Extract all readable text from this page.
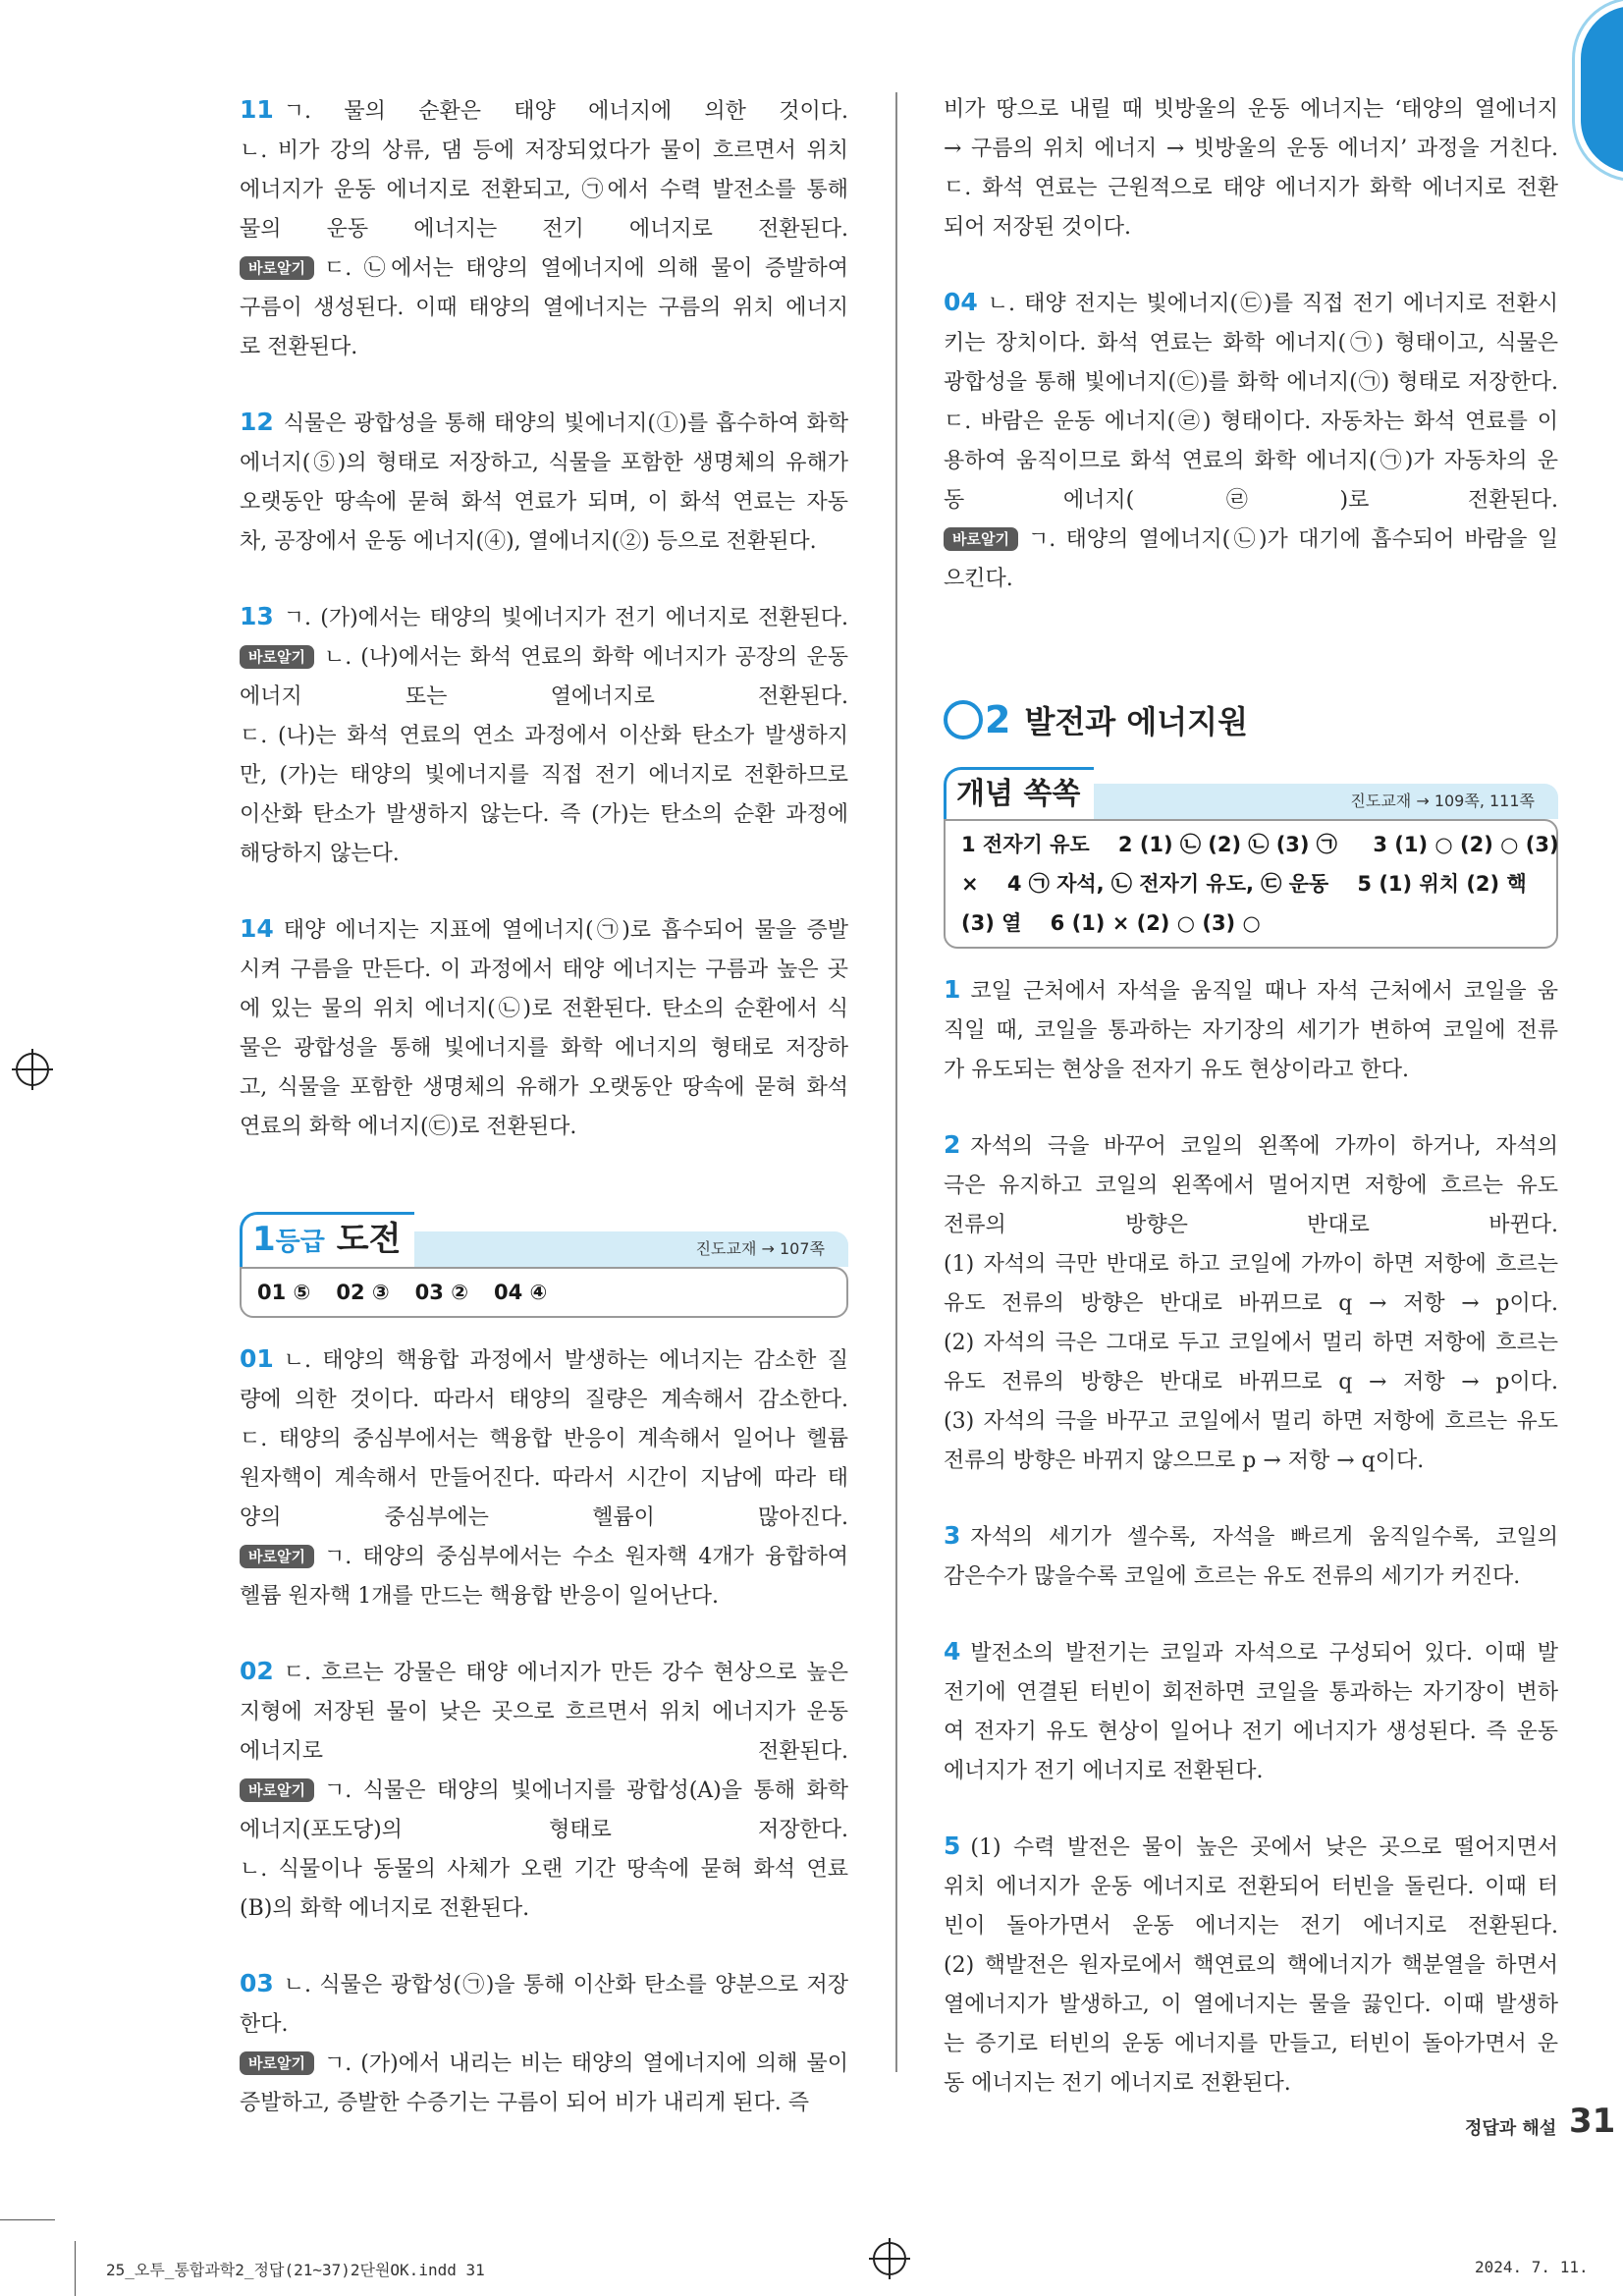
11 ㄱ. 물의 순환은 태양 에너지에 의한 것이다.
ㄴ. 비가 강의 상류, 댐 등에 저장되었다가 물이 흐르면서 위치
에너지가 운동 에너지로 전환되고, ㉠에서 수력 발전소를 통해
물의 운동 에너지는 전기 에너지로 전환된다.
바로알기 ㄷ. ㉡에서는 태양의 열에너지에 의해 물이 증발하여
구름이 생성된다. 이때 태양의 열에너지는 구름의 위치 에너지
로 전환된다.
12 식물은 광합성을 통해 태양의 빛에너지(①)를 흡수하여 화학
에너지(⑤)의 형태로 저장하고, 식물을 포함한 생명체의 유해가
오랫동안 땅속에 묻혀 화석 연료가 되며, 이 화석 연료는 자동
차, 공장에서 운동 에너지(④), 열에너지(②) 등으로 전환된다.
13 ㄱ. (가)에서는 태양의 빛에너지가 전기 에너지로 전환된다.
바로알기 ㄴ. (나)에서는 화석 연료의 화학 에너지가 공장의 운동
에너지 또는 열에너지로 전환된다.
ㄷ. (나)는 화석 연료의 연소 과정에서 이산화 탄소가 발생하지
만, (가)는 태양의 빛에너지를 직접 전기 에너지로 전환하므로
이산화 탄소가 발생하지 않는다. 즉 (가)는 탄소의 순환 과정에
해당하지 않는다.
14 태양 에너지는 지표에 열에너지(㉠)로 흡수되어 물을 증발
시켜 구름을 만든다. 이 과정에서 태양 에너지는 구름과 높은 곳
에 있는 물의 위치 에너지(㉡)로 전환된다. 탄소의 순환에서 식
물은 광합성을 통해 빛에너지를 화학 에너지의 형태로 저장하
고, 식물을 포함한 생명체의 유해가 오랫동안 땅속에 묻혀 화석
연료의 화학 에너지(㉢)로 전환된다.
1등급 도전	진도교재 → 107쪽
01 ⑤ 02 ③ 03 ② 04 ④
01 ㄴ. 태양의 핵융합 과정에서 발생하는 에너지는 감소한 질
량에 의한 것이다. 따라서 태양의 질량은 계속해서 감소한다.
ㄷ. 태양의 중심부에서는 핵융합 반응이 계속해서 일어나 헬륨
원자핵이 계속해서 만들어진다. 따라서 시간이 지남에 따라 태
양의 중심부에는 헬륨이 많아진다.
바로알기 ㄱ. 태양의 중심부에서는 수소 원자핵 4개가 융합하여
헬륨 원자핵 1개를 만드는 핵융합 반응이 일어난다.
02 ㄷ. 흐르는 강물은 태양 에너지가 만든 강수 현상으로 높은
지형에 저장된 물이 낮은 곳으로 흐르면서 위치 에너지가 운동
에너지로 전환된다.
바로알기 ㄱ. 식물은 태양의 빛에너지를 광합성(A)을 통해 화학
에너지(포도당)의 형태로 저장한다.
ㄴ. 식물이나 동물의 사체가 오랜 기간 땅속에 묻혀 화석 연료
(B)의 화학 에너지로 전환된다.
03 ㄴ. 식물은 광합성(㉠)을 통해 이산화 탄소를 양분으로 저장
한다.
바로알기 ㄱ. (가)에서 내리는 비는 태양의 열에너지에 의해 물이
증발하고, 증발한 수증기는 구름이 되어 비가 내리게 된다. 즉
비가 땅으로 내릴 때 빗방울의 운동 에너지는 ‘태양의 열에너지
→ 구름의 위치 에너지 → 빗방울의 운동 에너지’ 과정을 거친다.
ㄷ. 화석 연료는 근원적으로 태양 에너지가 화학 에너지로 전환
되어 저장된 것이다.
04 ㄴ. 태양 전지는 빛에너지(㉢)를 직접 전기 에너지로 전환시
키는 장치이다. 화석 연료는 화학 에너지(㉠) 형태이고, 식물은
광합성을 통해 빛에너지(㉢)를 화학 에너지(㉠) 형태로 저장한다.
ㄷ. 바람은 운동 에너지(㉣) 형태이다. 자동차는 화석 연료를 이
용하여 움직이므로 화석 연료의 화학 에너지(㉠)가 자동차의 운
동 에너지(㉣)로 전환된다.
바로알기 ㄱ. 태양의 열에너지(㉡)가 대기에 흡수되어 바람을 일
으킨다.
2 발전과 에너지원
개념 쏙쏙	진도교재 → 109쪽, 111쪽
1 전자기 유도    2 (1) ㉡ (2) ㉡ (3) ㉠     3 (1) ○ (2) ○ (3)
×    4 ㉠ 자석, ㉡ 전자기 유도, ㉢ 운동    5 (1) 위치 (2) 핵
(3) 열    6 (1) × (2) ○ (3) ○
1 코일 근처에서 자석을 움직일 때나 자석 근처에서 코일을 움
직일 때, 코일을 통과하는 자기장의 세기가 변하여 코일에 전류
가 유도되는 현상을 전자기 유도 현상이라고 한다.
2 자석의 극을 바꾸어 코일의 왼쪽에 가까이 하거나, 자석의
극은 유지하고 코일의 왼쪽에서 멀어지면 저항에 흐르는 유도
전류의 방향은 반대로 바뀐다.
(1) 자석의 극만 반대로 하고 코일에 가까이 하면 저항에 흐르는
유도 전류의 방향은 반대로 바뀌므로 q → 저항 → p이다.
(2) 자석의 극은 그대로 두고 코일에서 멀리 하면 저항에 흐르는
유도 전류의 방향은 반대로 바뀌므로 q → 저항 → p이다.
(3) 자석의 극을 바꾸고 코일에서 멀리 하면 저항에 흐르는 유도
전류의 방향은 바뀌지 않으므로 p → 저항 → q이다.
3 자석의 세기가 셀수록, 자석을 빠르게 움직일수록, 코일의
감은수가 많을수록 코일에 흐르는 유도 전류의 세기가 커진다.
4 발전소의 발전기는 코일과 자석으로 구성되어 있다. 이때 발
전기에 연결된 터빈이 회전하면 코일을 통과하는 자기장이 변하
여 전자기 유도 현상이 일어나 전기 에너지가 생성된다. 즉 운동
에너지가 전기 에너지로 전환된다.
5 (1) 수력 발전은 물이 높은 곳에서 낮은 곳으로 떨어지면서
위치 에너지가 운동 에너지로 전환되어 터빈을 돌린다. 이때 터
빈이 돌아가면서 운동 에너지는 전기 에너지로 전환된다.
(2) 핵발전은 원자로에서 핵연료의 핵에너지가 핵분열을 하면서
열에너지가 발생하고, 이 열에너지는 물을 끓인다. 이때 발생하
는 증기로 터빈의 운동 에너지를 만들고, 터빈이 돌아가면서 운
동 에너지는 전기 에너지로 전환된다.
정답과 해설 31
25_오투_통합과학2_정답(21~37)2단원OK.indd 31	2024. 7. 11.
